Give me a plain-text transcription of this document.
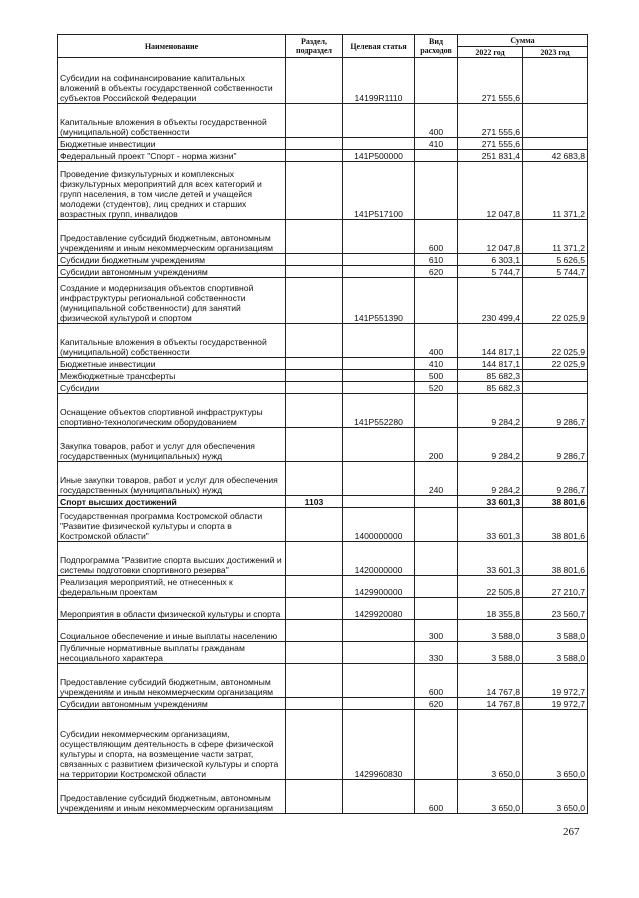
Наименование	Раздел, подраздел	Целевая статья	Вид расходов	Сумма	
				2022 год	2023 год
Субсидии на софинансирование капитальных вложений в объекты государственной собственности субъектов Российской Федерации		14199R1110		271 555,6	
Капитальные вложения в объекты государственной (муниципальной) собственности			400	271 555,6	
Бюджетные инвестиции			410	271 555,6	
Федеральный проект "Спорт - норма жизни"		141P500000		251 831,4	42 683,8
Проведение физкультурных и комплексных физкультурных мероприятий для всех категорий и групп населения, в том числе детей и учащейся молодежи (студентов), лиц средних и старших возрастных групп, инвалидов		141P517100		12 047,8	11 371,2
Предоставление субсидий бюджетным, автономным учреждениям и иным некоммерческим организациям			600	12 047,8	11 371,2
Субсидии бюджетным учреждениям			610	6 303,1	5 626,5
Субсидии автономным учреждениям			620	5 744,7	5 744,7
Создание и модернизация объектов спортивной инфраструктуры региональной собственности (муниципальной собственности) для занятий физической культурой и спортом		141P551390		230 499,4	22 025,9
Капитальные вложения в объекты государственной (муниципальной) собственности			400	144 817,1	22 025,9
Бюджетные инвестиции			410	144 817,1	22 025,9
Межбюджетные трансферты			500	85 682,3	
Субсидии			520	85 682,3	
Оснащение объектов спортивной инфраструктуры спортивно-технологическим оборудованием		141P552280		9 284,2	9 286,7
Закупка товаров, работ и услуг для обеспечения государственных (муниципальных) нужд			200	9 284,2	9 286,7
Иные закупки товаров, работ и услуг для обеспечения государственных (муниципальных) нужд			240	9 284,2	9 286,7
Спорт высших достижений	1103			33 601,3	38 801,6
Государственная программа Костромской области "Развитие физической культуры и спорта в Костромской области"		1400000000		33 601,3	38 801,6
Подпрограмма "Развитие спорта высших достижений и системы подготовки спортивного резерва"		1420000000		33 601,3	38 801,6
Реализация мероприятий, не отнесенных к федеральным проектам		1429900000		22 505,8	27 210,7
Мероприятия в области физической культуры и спорта		1429920080		18 355,8	23 560,7
Социальное обеспечение и иные выплаты населению			300	3 588,0	3 588,0
Публичные нормативные выплаты гражданам несоциального характера			330	3 588,0	3 588,0
Предоставление субсидий бюджетным, автономным учреждениям и иным некоммерческим организациям			600	14 767,8	19 972,7
Субсидии автономным учреждениям			620	14 767,8	19 972,7
Субсидии некоммерческим организациям, осуществляющим деятельность в сфере физической культуры и спорта, на возмещение части затрат, связанных с развитием физической культуры и спорта на территории Костромской области		1429960830		3 650,0	3 650,0
Предоставление субсидий бюджетным, автономным учреждениям и иным некоммерческим организациям			600	3 650,0	3 650,0
267
